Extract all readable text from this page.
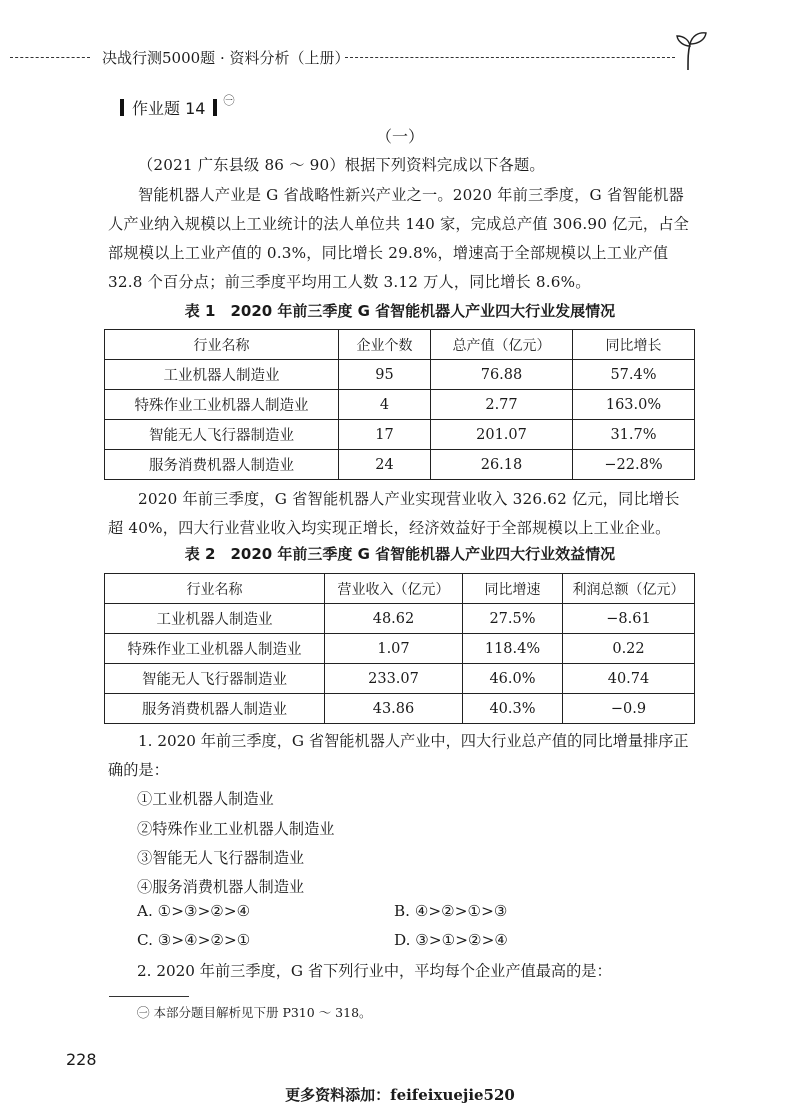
决战行测5000题 · 资料分析（上册）
作业题 14 ㊀
（一）
（2021 广东县级 86 ～ 90）根据下列资料完成以下各题。
智能机器人产业是 G 省战略性新兴产业之一。2020 年前三季度，G 省智能机器人产业纳入规模以上工业统计的法人单位共 140 家，完成总产值 306.90 亿元，占全部规模以上工业产值的 0.3%，同比增长 29.8%，增速高于全部规模以上工业产值 32.8 个百分点；前三季度平均用工人数 3.12 万人，同比增长 8.6%。
表 1　2020 年前三季度 G 省智能机器人产业四大行业发展情况
行业名称	企业个数	总产值（亿元）	同比增长
工业机器人制造业	95	76.88	57.4%
特殊作业工业机器人制造业	4	2.77	163.0%
智能无人飞行器制造业	17	201.07	31.7%
服务消费机器人制造业	24	26.18	−22.8%
2020 年前三季度，G 省智能机器人产业实现营业收入 326.62 亿元，同比增长超 40%，四大行业营业收入均实现正增长，经济效益好于全部规模以上工业企业。
表 2　2020 年前三季度 G 省智能机器人产业四大行业效益情况
行业名称	营业收入（亿元）	同比增速	利润总额（亿元）
工业机器人制造业	48.62	27.5%	−8.61
特殊作业工业机器人制造业	1.07	118.4%	0.22
智能无人飞行器制造业	233.07	46.0%	40.74
服务消费机器人制造业	43.86	40.3%	−0.9
1. 2020 年前三季度，G 省智能机器人产业中，四大行业总产值的同比增量排序正确的是：
①工业机器人制造业
②特殊作业工业机器人制造业
③智能无人飞行器制造业
④服务消费机器人制造业
A. ①>③>②>④	B. ④>②>①>③
C. ③>④>②>①	D. ③>①>②>④
2. 2020 年前三季度，G 省下列行业中，平均每个企业产值最高的是：
㊀ 本部分题目解析见下册 P310 ～ 318。
228
更多资料添加：feifeixuejie520
